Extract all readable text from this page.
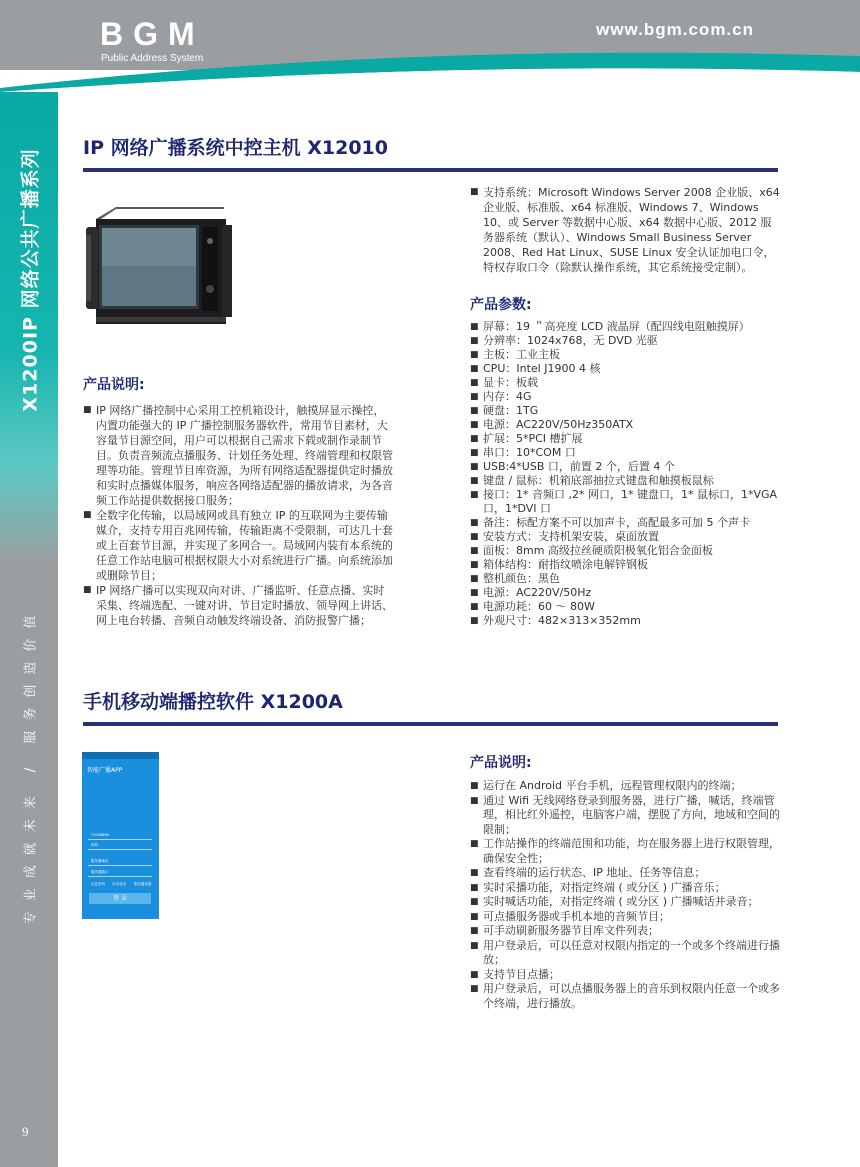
BGM
Public Address System
www.bgm.com.cn
X1200IP 网络公共广播系列
专业成就未来 / 服务创造价值
9
IP 网络广播系统中控主机 X12010
产品说明:

■ IP 网络广播控制中心采用工控机箱设计，触摸屏显示操控，内置功能强大的 IP 广播控制服务器软件，常用节目素材，大容量节目源空间，用户可以根据自己需求下载或制作录制节目。负责音频流点播服务、计划任务处理、终端管理和权限管理等功能。管理节目库资源，为所有网络适配器提供定时播放和实时点播媒体服务，响应各网络适配器的播放请求，为各音频工作站提供数据接口服务；

■ 全数字化传输，以局域网或具有独立 IP 的互联网为主要传输媒介，支持专用百兆网传输，传输距离不受限制，可达几十套或上百套节目源，并实现了多网合一。局域网内装有本系统的任意工作站电脑可根据权限大小对系统进行广播。向系统添加或删除节目；

■ IP 网络广播可以实现双向对讲、广播监听、任意点播、实时采集、终端选配、一键对讲、节目定时播放、领导网上讲话、网上电台转播、音频自动触发终端设备、消防报警广播；

■ 支持系统：Microsoft Windows Server 2008 企业版、x64 企业版、标准版、x64 标准版、Windows 7、Windows 10、或 Server 等数据中心版、x64 数据中心版、2012 服务器系统（默认）、Windows Small Business Server 2008、Red Hat Linux、SUSE Linux 安全认证加电口令，特权存取口令（除默认操作系统，其它系统接受定制）。

产品参数:

■ 屏幕：19 ＂高亮度 LCD 液晶屏（配四线电阻触摸屏）

■ 分辨率：1024x768，无 DVD 光驱

■ 主板：工业主板

■ CPU：Intel J1900 4 核

■ 显卡：板载

■ 内存：4G

■ 硬盘：1TG

■ 电源：AC220V/50Hz350ATX

■ 扩展：5*PCI 槽扩展

■ 串口：10*COM 口

■ USB:4*USB 口，前置 2 个，后置 4 个

■ 键盘 / 鼠标：机箱底部抽拉式键盘和触摸板鼠标

■ 接口：1* 音频口 ,2* 网口，1* 键盘口，1* 鼠标口，1*VGA 口，1*DVI 口

■ 备注：标配方案不可以加声卡，高配最多可加 5 个声卡

■ 安装方式：支持机架安装，桌面放置

■ 面板：8mm 高级拉丝硬质阳极氧化铝合金面板

■ 箱体结构：耐指纹喷涂电解锌钢板

■ 整机颜色：黑色

■ 电源：AC220V/50Hz

■ 电源功耗：60 ～ 80W

■ 外观尺寸：482×313×352mm

手机移动端播控软件 X1200A
智能广播APP
T1009898
密码
服务器地址
服务器端口
记住密码 自动登录 服务器设置
登 录
产品说明:

■ 运行在 Android 平台手机，远程管理权限内的终端；

■ 通过 Wifi 无线网络登录到服务器，进行广播，喊话，终端管理，相比红外遥控，电脑客户端，摆脱了方向，地域和空间的限制；

■ 工作站操作的终端范围和功能，均在服务器上进行权限管理，确保安全性；

■ 查看终端的运行状态、IP 地址、任务等信息；

■ 实时采播功能，对指定终端 ( 或分区 ) 广播音乐；

■ 实时喊话功能，对指定终端 ( 或分区 ) 广播喊话并录音；

■ 可点播服务器或手机本地的音频节目；

■ 可手动刷新服务器节目库文件列表；

■ 用户登录后，可以任意对权限内指定的一个或多个终端进行播放；

■ 支持节目点播；

■ 用户登录后，可以点播服务器上的音乐到权限内任意一个或多个终端，进行播放。
